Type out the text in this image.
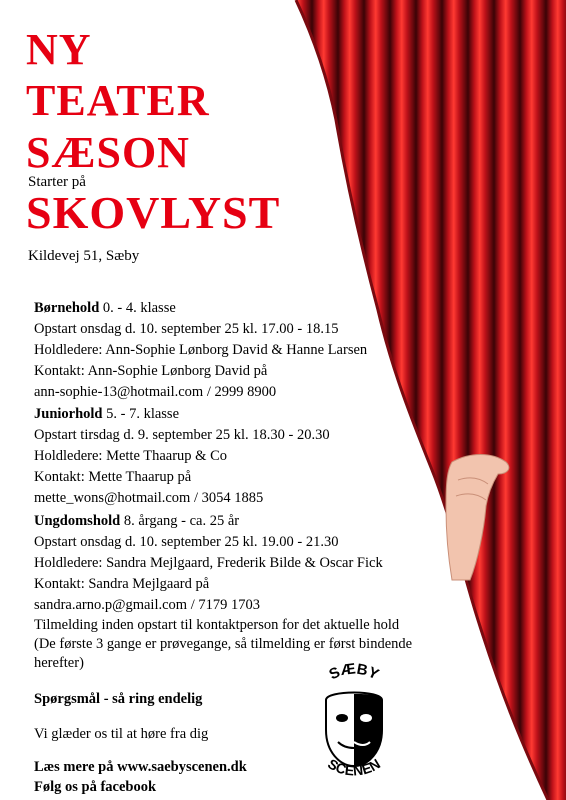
NY
TEATER
SÆSON
Starter på
SKOVLYST
Kildevej 51, Sæby
Børnehold 0. - 4. klasse
Opstart onsdag d. 10. september 25 kl. 17.00 - 18.15
Holdledere: Ann-Sophie Lønborg David & Hanne Larsen
Kontakt: Ann-Sophie Lønborg David på
ann-sophie-13@hotmail.com / 2999 8900
Juniorhold 5. - 7. klasse
Opstart tirsdag d. 9. september 25 kl. 18.30 - 20.30
Holdledere: Mette Thaarup & Co
Kontakt: Mette Thaarup på
mette_wons@hotmail.com / 3054 1885
Ungdomshold 8. årgang - ca. 25 år
Opstart onsdag d. 10. september 25 kl. 19.00 - 21.30
Holdledere: Sandra Mejlgaard, Frederik Bilde & Oscar Fick
Kontakt: Sandra Mejlgaard på
sandra.arno.p@gmail.com / 7179 1703
Tilmelding inden opstart til kontaktperson for det aktuelle hold
(De første 3 gange er prøvegange, så tilmelding er først bindende
herefter)
Spørgsmål - så ring endelig
Vi glæder os til at høre fra dig
Læs mere på www.saebyscenen.dk
Følg os på facebook
SÆBY
SCENEN
